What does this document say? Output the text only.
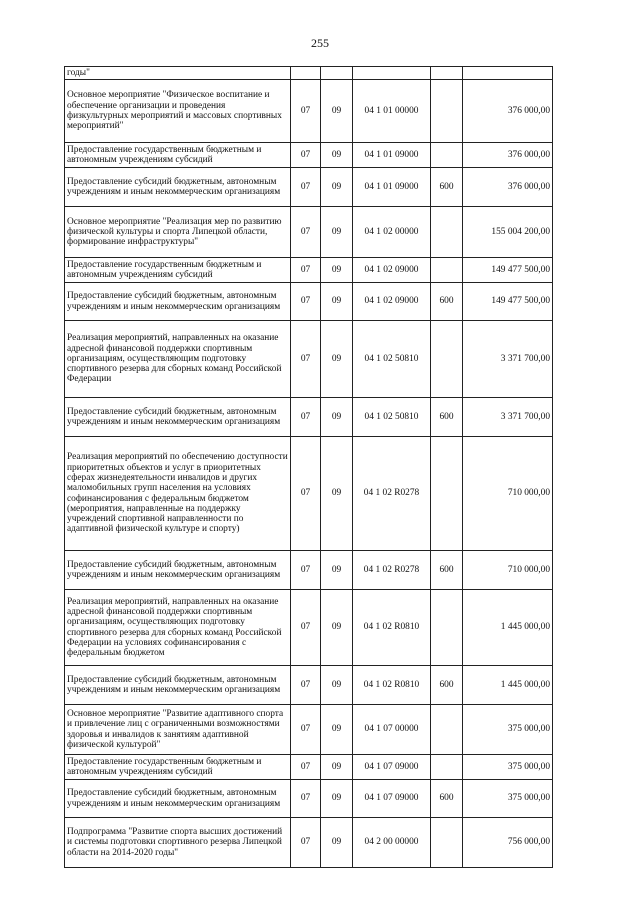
255
годы"					
Основное мероприятие "Физическое воспитание и обеспечение организации и проведения физкультурных мероприятий и массовых спортивных мероприятий"	07	09	04 1 01 00000		376 000,00
Предоставление государственным бюджетным и автономным учреждениям субсидий	07	09	04 1 01 09000		376 000,00
Предоставление субсидий бюджетным, автономным учреждениям и иным некоммерческим организациям	07	09	04 1 01 09000	600	376 000,00
Основное мероприятие "Реализация мер по развитию физической культуры и спорта Липецкой области, формирование инфраструктуры"	07	09	04 1 02 00000		155 004 200,00
Предоставление государственным бюджетным и автономным учреждениям субсидий	07	09	04 1 02 09000		149 477 500,00
Предоставление субсидий бюджетным, автономным учреждениям и иным некоммерческим организациям	07	09	04 1 02 09000	600	149 477 500,00
Реализация мероприятий, направленных на оказание адресной финансовой поддержки спортивным организациям, осуществляющим подготовку спортивного резерва для сборных команд Российской Федерации	07	09	04 1 02 50810		3 371 700,00
Предоставление субсидий бюджетным, автономным учреждениям и иным некоммерческим организациям	07	09	04 1 02 50810	600	3 371 700,00
Реализация мероприятий по обеспечению доступности приоритетных объектов и услуг в приоритетных сферах жизнедеятельности инвалидов и других маломобильных групп населения на условиях софинансирования с федеральным бюджетом (мероприятия, направленные на поддержку учреждений спортивной направленности по адаптивной физической культуре и спорту)	07	09	04 1 02 R0278		710 000,00
Предоставление субсидий бюджетным, автономным учреждениям и иным некоммерческим организациям	07	09	04 1 02 R0278	600	710 000,00
Реализация мероприятий, направленных на оказание адресной финансовой поддержки спортивным организациям, осуществляющих подготовку спортивного резерва для сборных команд Российской Федерации на условиях софинансирования с федеральным бюджетом	07	09	04 1 02 R0810		1 445 000,00
Предоставление субсидий бюджетным, автономным учреждениям и иным некоммерческим организациям	07	09	04 1 02 R0810	600	1 445 000,00
Основное мероприятие "Развитие адаптивного спорта и привлечение лиц с ограниченными возможностями здоровья и инвалидов к занятиям адаптивной физической культурой"	07	09	04 1 07 00000		375 000,00
Предоставление государственным бюджетным и автономным учреждениям субсидий	07	09	04 1 07 09000		375 000,00
Предоставление субсидий бюджетным, автономным учреждениям и иным некоммерческим организациям	07	09	04 1 07 09000	600	375 000,00
Подпрограмма "Развитие спорта высших достижений и системы подготовки спортивного резерва Липецкой области на 2014-2020 годы"	07	09	04 2 00 00000		756 000,00
